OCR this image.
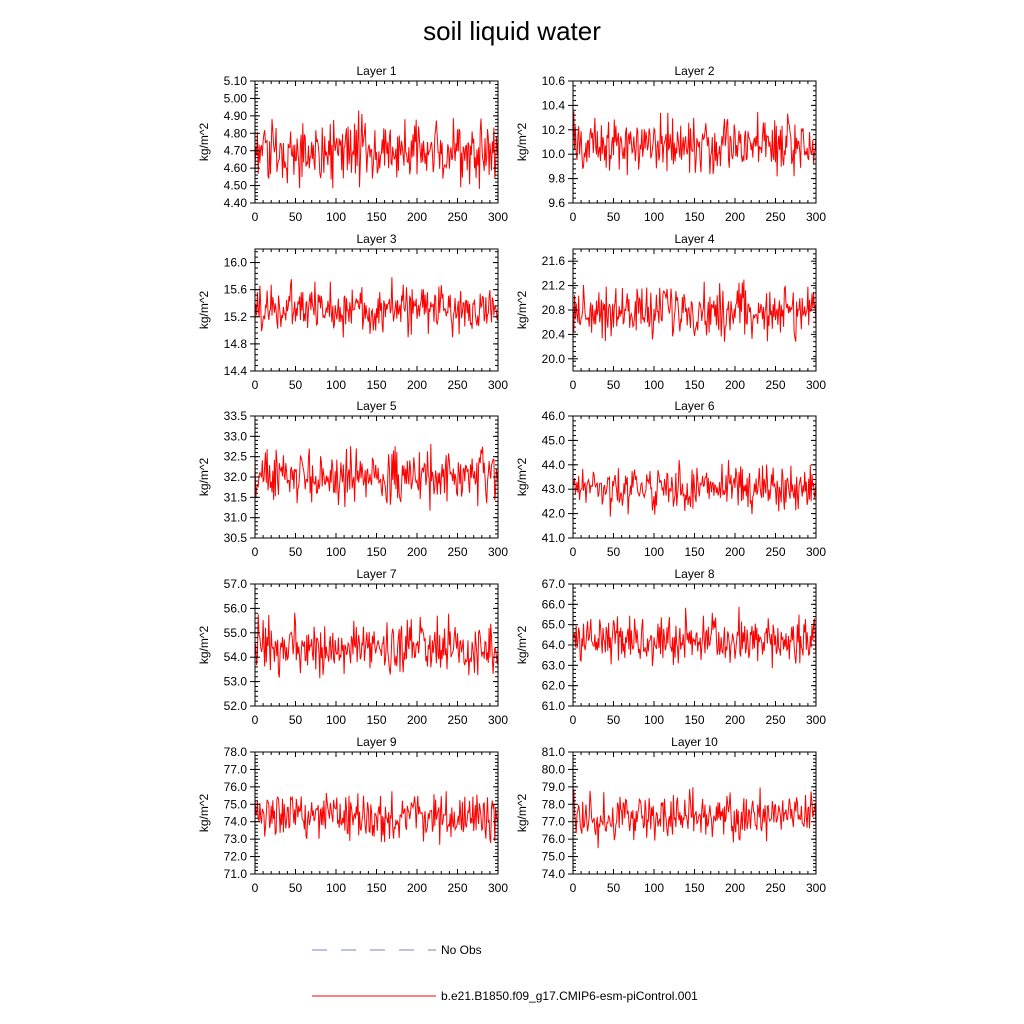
soil liquid water
Layer 1
kg/m^2
0	50 100 150 200 250 300
4.40
4.50
4.60
4.70
4.80
4.90
5.00
5.10
Layer 2
kg/m^2
0	50 100 150 200 250 300
9.6
9.8
10.0
10.2
10.4
10.6
Layer 3
kg/m^2
0	50 100 150 200 250 300
14.4
14.8
15.2
15.6
16.0
Layer 4
kg/m^2
0	50 100 150 200 250 300
20.0
20.4
20.8
21.2
21.6
Layer 5
kg/m^2
0	50 100 150 200 250 300
30.5
31.0
31.5
32.0
32.5
33.0
33.5
Layer 6
kg/m^2
0	50 100 150 200 250 300
41.0
42.0
43.0
44.0
45.0
46.0
Layer 7
kg/m^2
0	50 100 150 200 250 300
52.0
53.0
54.0
55.0
56.0
57.0
Layer 8
kg/m^2
0	50 100 150 200 250 300
61.0
62.0
63.0
64.0
65.0
66.0
67.0
Layer 9
kg/m^2
0	50 100 150 200 250 300
71.0
72.0
73.0
74.0
75.0
76.0
77.0
78.0
Layer 10
kg/m^2
0	50 100 150 200 250 300
74.0
75.0
76.0
77.0
78.0
79.0
80.0
81.0
No Obs
b.e21.B1850.f09_g17.CMIP6-esm-piControl.001
